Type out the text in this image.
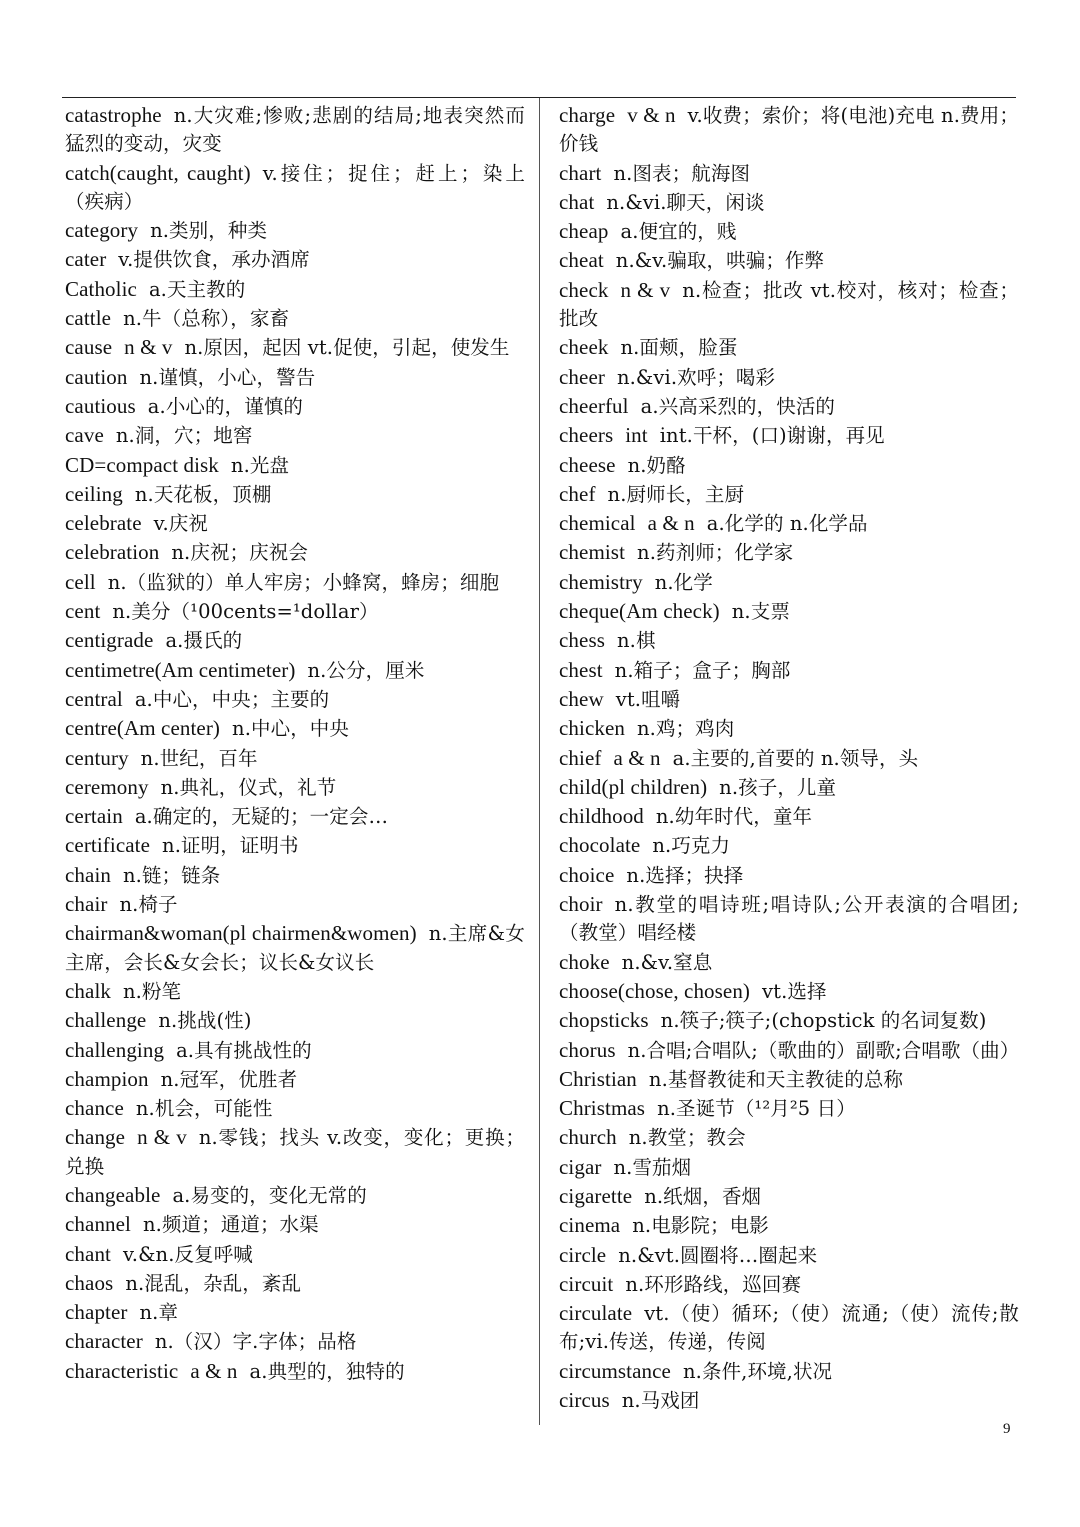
catastrophe n.大灾难;惨败;悲剧的结局;地表突然而猛烈的变动，灾变
catch(caught, caught) v.接住；捉住；赶上；染上（疾病）
category n.类别，种类
cater v.提供饮食，承办酒席
Catholic a.天主教的
cattle n.牛（总称），家畜
cause n & v n.原因，起因 vt.促使，引起，使发生
caution n.谨慎，小心，警告
cautious a.小心的，谨慎的
cave n.洞，穴；地窖
CD=compact disk n.光盘
ceiling n.天花板，顶棚
celebrate v.庆祝
celebration n.庆祝；庆祝会
cell n.（监狱的）单人牢房；小蜂窝，蜂房；细胞
cent n.美分（¹00cents=¹dollar）
centigrade a.摄氏的
centimetre(Am centimeter) n.公分，厘米
central a.中心，中央；主要的
centre(Am center) n.中心，中央
century n.世纪，百年
ceremony n.典礼，仪式，礼节
certain a.确定的，无疑的；一定会…
certificate n.证明，证明书
chain n.链；链条
chair n.椅子
chairman&woman(pl chairmen&women) n.主席&女主席，会长&女会长；议长&女议长
chalk n.粉笔
challenge n.挑战(性)
challenging a.具有挑战性的
champion n.冠军，优胜者
chance n.机会，可能性
change n & v n.零钱；找头 v.改变，变化；更换；兑换
changeable a.易变的，变化无常的
channel n.频道；通道；水渠
chant v.&n.反复呼喊
chaos n.混乱，杂乱，紊乱
chapter n.章
character n.（汉）字.字体；品格
characteristic a & n a.典型的，独特的
charge v & n v.收费；索价；将(电池)充电 n.费用；价钱
chart n.图表；航海图
chat n.&vi.聊天，闲谈
cheap a.便宜的，贱
cheat n.&v.骗取，哄骗；作弊
check n & v n.检查；批改 vt.校对，核对；检查；批改
cheek n.面颊，脸蛋
cheer n.&vi.欢呼；喝彩
cheerful a.兴高采烈的，快活的
cheers int int.干杯，(口)谢谢，再见
cheese n.奶酪
chef n.厨师长，主厨
chemical a & n a.化学的 n.化学品
chemist n.药剂师；化学家
chemistry n.化学
cheque(Am check) n.支票
chess n.棋
chest n.箱子；盒子；胸部
chew vt.咀嚼
chicken n.鸡；鸡肉
chief a & n a.主要的,首要的 n.领导，头
child(pl children) n.孩子，儿童
childhood n.幼年时代，童年
chocolate n.巧克力
choice n.选择；抉择
choir n.教堂的唱诗班;唱诗队;公开表演的合唱团;（教堂）唱经楼
choke n.&v.窒息
choose(chose, chosen) vt.选择
chopsticks n.筷子;筷子;(chopstick 的名词复数)
chorus n.合唱;合唱队;（歌曲的）副歌;合唱歌（曲）
Christian n.基督教徒和天主教徒的总称
Christmas n.圣诞节（¹²月²5 日）
church n.教堂；教会
cigar n.雪茄烟
cigarette n.纸烟，香烟
cinema n.电影院；电影
circle n.&vt.圆圈将…圈起来
circuit n.环形路线，巡回赛
circulate vt.（使）循环;（使）流通;（使）流传;散布;vi.传送，传递，传阅
circumstance n.条件,环境,状况
circus n.马戏团
9
